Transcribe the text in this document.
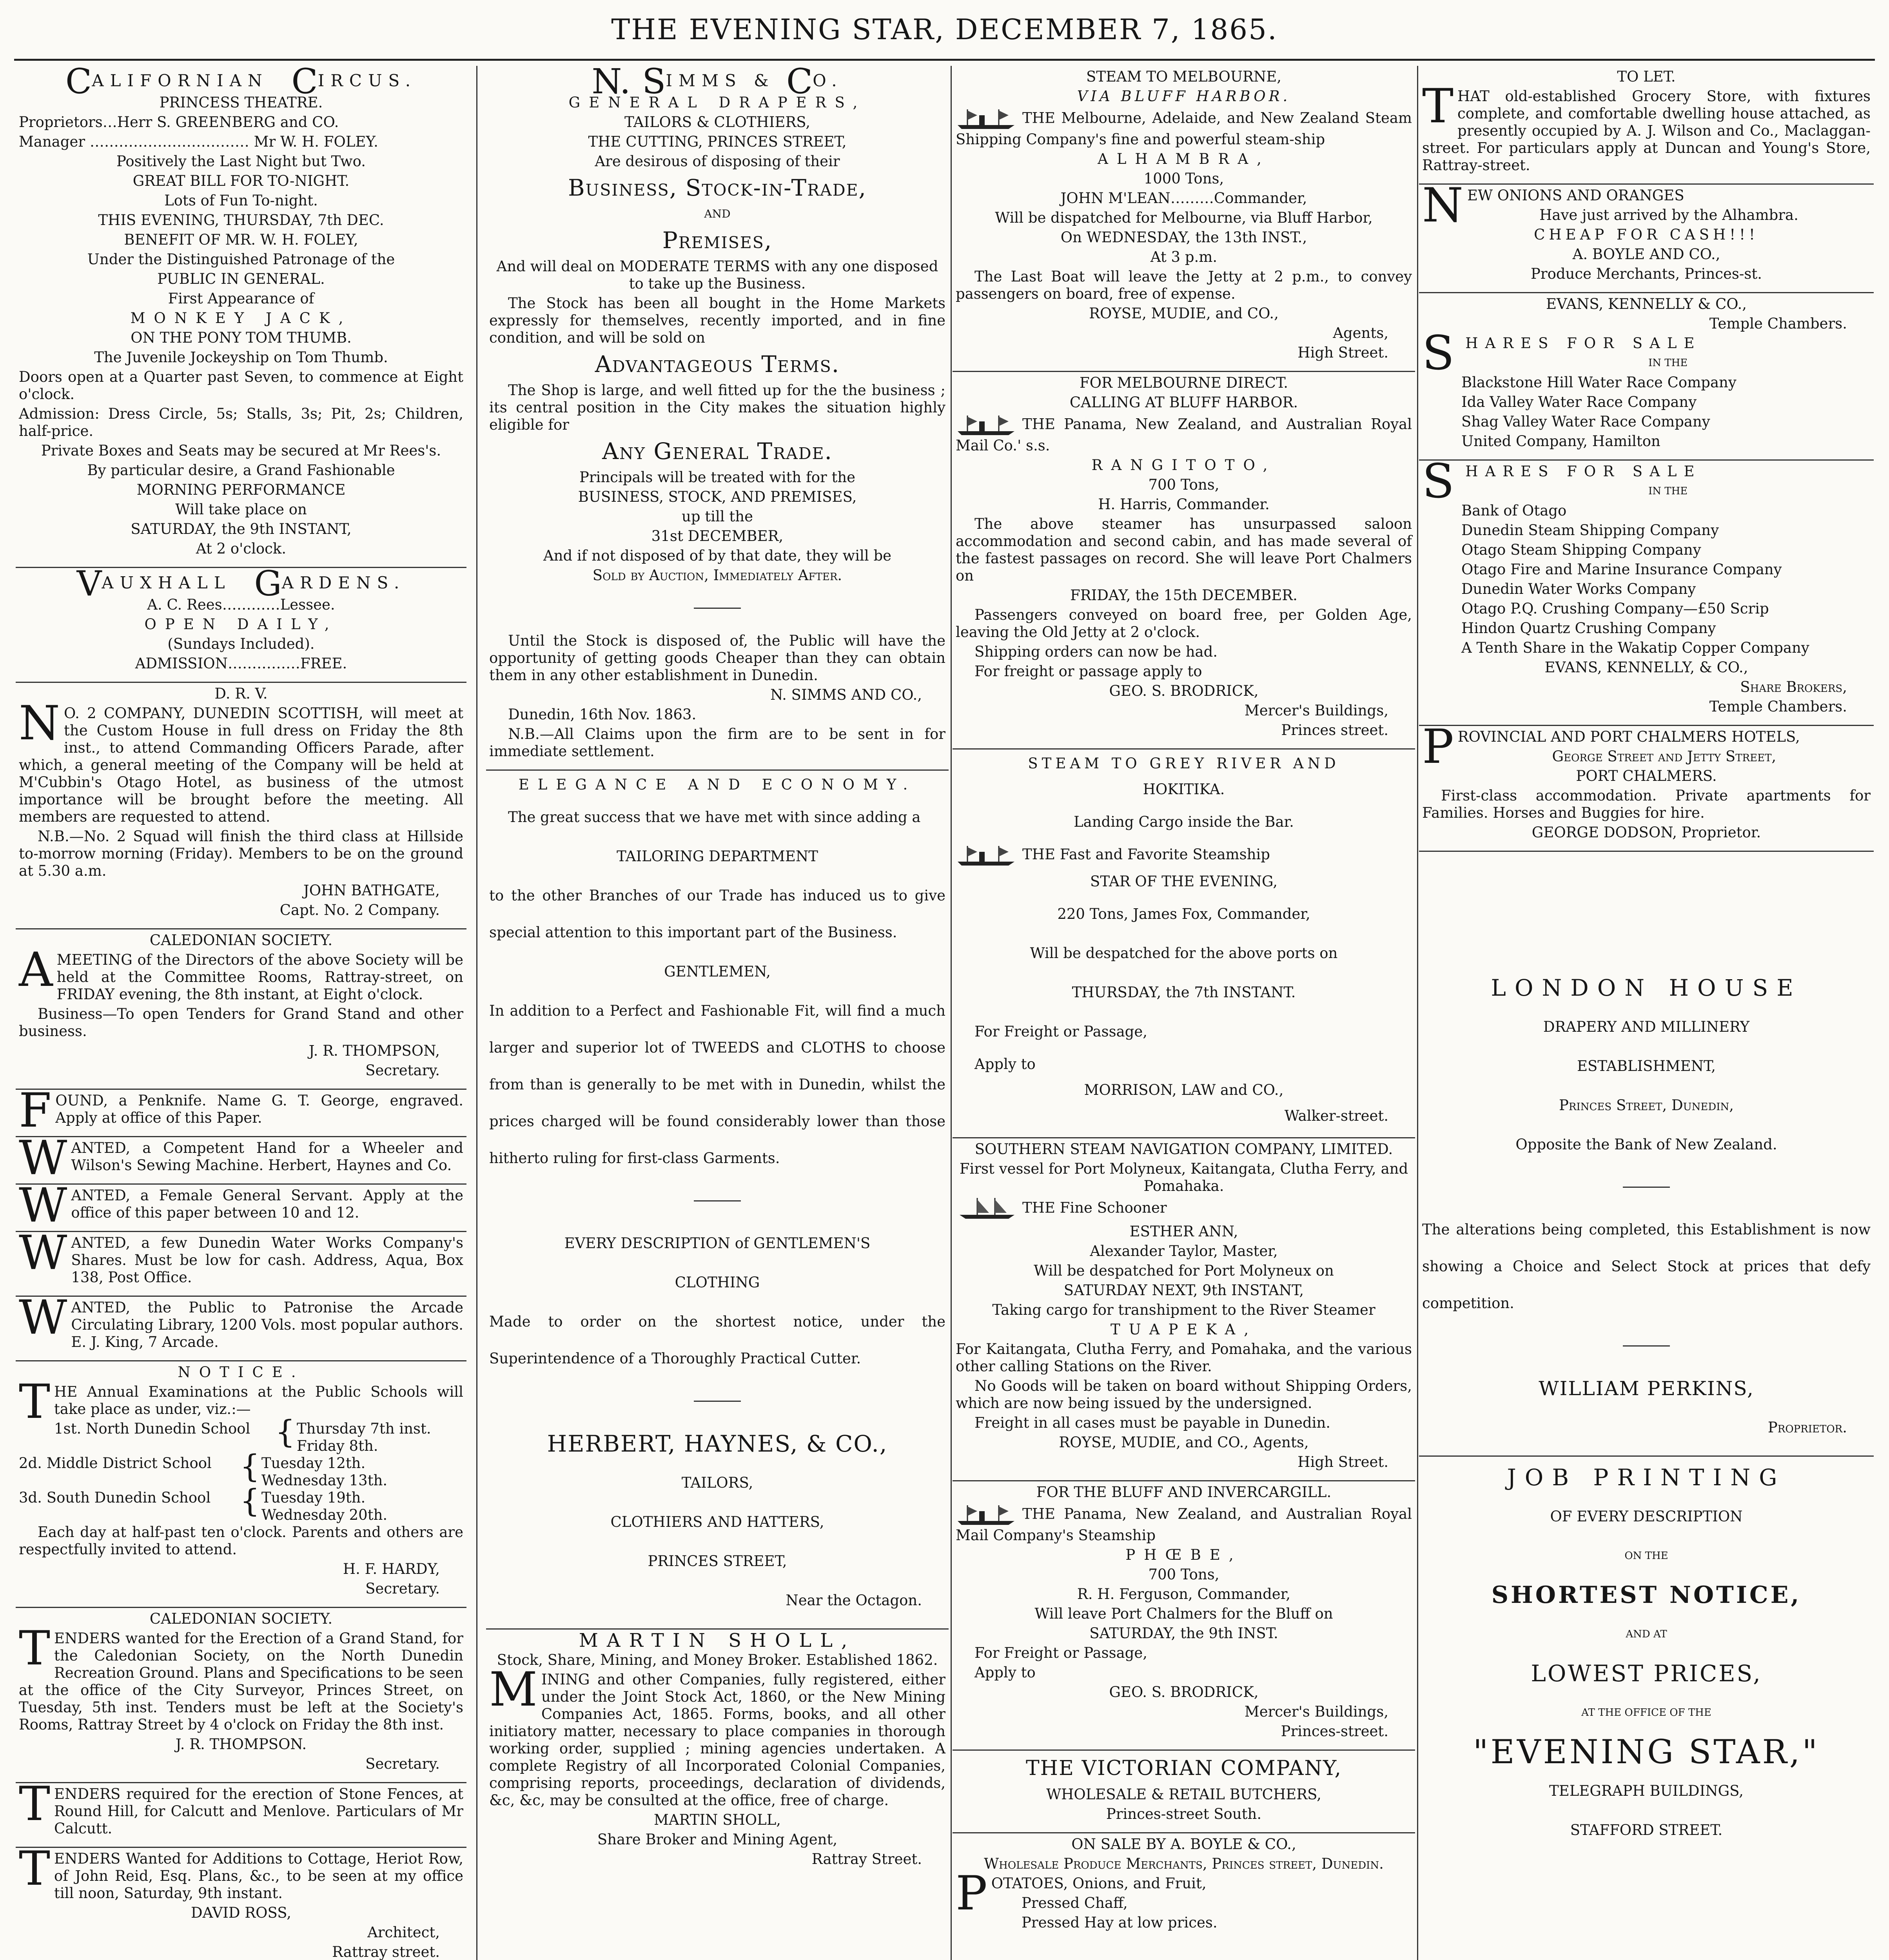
THE EVENING STAR, DECEMBER 7, 1865.
CALIFORNIAN CIRCUS.

PRINCESS THEATRE.

Proprietors…Herr S. GREENBERG and CO.

Manager …………………………… Mr W. H. FOLEY.

Positively the Last Night but Two.

GREAT BILL FOR TO-NIGHT.

Lots of Fun To-night.

THIS EVENING, THURSDAY, 7th DEC.

BENEFIT OF MR. W. H. FOLEY,

Under the Distinguished Patronage of the

PUBLIC IN GENERAL.

First Appearance of

MONKEY JACK,

ON THE PONY TOM THUMB.

The Juvenile Jockeyship on Tom Thumb.

Doors open at a Quarter past Seven, to commence at Eight o'clock.

Admission: Dress Circle, 5s; Stalls, 3s; Pit, 2s; Children, half-price.

Private Boxes and Seats may be secured at Mr Rees's.

By particular desire, a Grand Fashionable

MORNING PERFORMANCE

Will take place on

SATURDAY, the 9th INSTANT,

At 2 o'clock.

VAUXHALL GARDENS.

A. C. Rees…………Lessee.

OPEN DAILY,

(Sundays Included).

ADMISSION……………FREE.

D. R. V.

NO. 2 COMPANY, DUNEDIN SCOTTISH, will meet at the Custom House in full dress on Friday the 8th inst., to attend Commanding Officers Parade, after which, a general meeting of the Company will be held at M'Cubbin's Otago Hotel, as business of the utmost importance will be brought before the meeting. All members are requested to attend.

N.B.—No. 2 Squad will finish the third class at Hillside to-morrow morning (Friday). Members to be on the ground at 5.30 a.m.

JOHN BATHGATE,

Capt. No. 2 Company.

CALEDONIAN SOCIETY.

AMEETING of the Directors of the above Society will be held at the Committee Rooms, Rattray-street, on FRIDAY evening, the 8th instant, at Eight o'clock.

Business—To open Tenders for Grand Stand and other business.

J. R. THOMPSON,

Secretary.

FOUND, a Penknife. Name G. T. George, engraved. Apply at office of this Paper.

WANTED, a Competent Hand for a Wheeler and Wilson's Sewing Machine. Herbert, Haynes and Co.

WANTED, a Female General Servant. Apply at the office of this paper between 10 and 12.

WANTED, a few Dunedin Water Works Company's Shares. Must be low for cash. Address, Aqua, Box 138, Post Office.

WANTED, the Public to Patronise the Arcade Circulating Library, 1200 Vols. most popular authors. E. J. King, 7 Arcade.

NOTICE.

THE Annual Examinations at the Public Schools will take place as under, viz.:—

1st. North Dunedin School { Thursday 7th inst.
Friday 8th.
2d. Middle District School { Tuesday 12th.
Wednesday 13th.
3d. South Dunedin School { Tuesday 19th.
Wednesday 20th.

Each day at half-past ten o'clock. Parents and others are respectfully invited to attend.

H. F. HARDY,

Secretary.

CALEDONIAN SOCIETY.

TENDERS wanted for the Erection of a Grand Stand, for the Caledonian Society, on the North Dunedin Recreation Ground. Plans and Specifications to be seen at the office of the City Surveyor, Princes Street, on Tuesday, 5th inst. Tenders must be left at the Society's Rooms, Rattray Street by 4 o'clock on Friday the 8th inst.

J. R. THOMPSON.

Secretary.

TENDERS required for the erection of Stone Fences, at Round Hill, for Calcutt and Menlove. Particulars of Mr Calcutt.

TENDERS Wanted for Additions to Cottage, Heriot Row, of John Reid, Esq. Plans, &c., to be seen at my office till noon, Saturday, 9th instant.

DAVID ROSS,

Architect,

Rattray street.

N. SIMMS & CO.

GENERAL DRAPERS,

TAILORS & CLOTHIERS,

THE CUTTING, PRINCES STREET,

Are desirous of disposing of their

Business, Stock-in-Trade,

AND

Premises,

And will deal on MODERATE TERMS with any one disposed to take up the Business.

The Stock has been all bought in the Home Markets expressly for themselves, recently imported, and in fine condition, and will be sold on

Advantageous Terms.

The Shop is large, and well fitted up for the the business ; its central position in the City makes the situation highly eligible for

Any General Trade.

Principals will be treated with for the

BUSINESS, STOCK, AND PREMISES,

up till the

31st DECEMBER,

And if not disposed of by that date, they will be

Sold by Auction, Immediately After.

Until the Stock is disposed of, the Public will have the opportunity of getting goods Cheaper than they can obtain them in any other establishment in Dunedin.

N. SIMMS AND CO.,

Dunedin, 16th Nov. 1863.

N.B.—All Claims upon the firm are to be sent in for immediate settlement.

ELEGANCE AND ECONOMY.

The great success that we have met with since adding a

TAILORING DEPARTMENT

to the other Branches of our Trade has induced us to give special attention to this important part of the Business.

GENTLEMEN,

In addition to a Perfect and Fashionable Fit, will find a much larger and superior lot of TWEEDS and CLOTHS to choose from than is generally to be met with in Dunedin, whilst the prices charged will be found considerably lower than those hitherto ruling for first-class Garments.

EVERY DESCRIPTION of GENTLEMEN'S

CLOTHING

Made to order on the shortest notice, under the Superintendence of a Thoroughly Practical Cutter.

HERBERT, HAYNES, & CO.,

TAILORS,

CLOTHIERS AND HATTERS,

PRINCES STREET,

Near the Octagon.

MARTIN SHOLL,

Stock, Share, Mining, and Money Broker. Established 1862.

MINING and other Companies, fully registered, either under the Joint Stock Act, 1860, or the New Mining Companies Act, 1865. Forms, books, and all other initiatory matter, necessary to place companies in thorough working order, supplied ; mining agencies undertaken. A complete Registry of all Incorporated Colonial Companies, comprising reports, proceedings, declaration of dividends, &c, &c, may be consulted at the office, free of charge.

MARTIN SHOLL,

Share Broker and Mining Agent,

Rattray Street.

STEAM TO MELBOURNE,

VIA BLUFF HARBOR.

THE Melbourne, Adelaide, and New Zealand Steam Shipping Company's fine and powerful steam-ship

ALHAMBRA,

1000 Tons,

JOHN M'LEAN………Commander,

Will be dispatched for Melbourne, via Bluff Harbor,

On WEDNESDAY, the 13th INST.,

At 3 p.m.

The Last Boat will leave the Jetty at 2 p.m., to convey passengers on board, free of expense.

ROYSE, MUDIE, and CO.,

Agents,

High Street.

FOR MELBOURNE DIRECT.

CALLING AT BLUFF HARBOR.

THE Panama, New Zealand, and Australian Royal Mail Co.' s.s.

RANGITOTO,

700 Tons,

H. Harris, Commander.

The above steamer has unsurpassed saloon accommodation and second cabin, and has made several of the fastest passages on record. She will leave Port Chalmers on

FRIDAY, the 15th DECEMBER.

Passengers conveyed on board free, per Golden Age, leaving the Old Jetty at 2 o'clock.

Shipping orders can now be had.

For freight or passage apply to

GEO. S. BRODRICK,

Mercer's Buildings,

Princes street.

STEAM TO GREY RIVER AND

HOKITIKA.

Landing Cargo inside the Bar.

THE Fast and Favorite Steamship

STAR OF THE EVENING,

220 Tons, James Fox, Commander,

Will be despatched for the above ports on

THURSDAY, the 7th INSTANT.

For Freight or Passage,

Apply to

MORRISON, LAW and CO.,

Walker-street.

SOUTHERN STEAM NAVIGATION COMPANY, LIMITED.

First vessel for Port Molyneux, Kaitangata, Clutha Ferry, and Pomahaka.

THE Fine Schooner

ESTHER ANN,

Alexander Taylor, Master,

Will be despatched for Port Molyneux on

SATURDAY NEXT, 9th INSTANT,

Taking cargo for transhipment to the River Steamer

TUAPEKA,

For Kaitangata, Clutha Ferry, and Pomahaka, and the various other calling Stations on the River.

No Goods will be taken on board without Shipping Orders, which are now being issued by the undersigned.

Freight in all cases must be payable in Dunedin.

ROYSE, MUDIE, and CO., Agents,

High Street.

FOR THE BLUFF AND INVERCARGILL.

THE Panama, New Zealand, and Australian Royal Mail Company's Steamship

PHŒBE,

700 Tons,

R. H. Ferguson, Commander,

Will leave Port Chalmers for the Bluff on

SATURDAY, the 9th INST.

For Freight or Passage,

Apply to

GEO. S. BRODRICK,

Mercer's Buildings,

Princes-street.

THE VICTORIAN COMPANY,

WHOLESALE & RETAIL BUTCHERS,

Princes-street South.

ON SALE BY A. BOYLE & CO.,

Wholesale Produce Merchants, Princes street, Dunedin.

POTATOES, Onions, and Fruit,

Pressed Chaff,

Pressed Hay at low prices.

TO LET.

THAT old-established Grocery Store, with fixtures complete, and comfortable dwelling house attached, as presently occupied by A. J. Wilson and Co., Maclaggan-street. For particulars apply at Duncan and Young's Store, Rattray-street.

NEW ONIONS AND ORANGES

Have just arrived by the Alhambra.

CHEAP FOR CASH!!!

A. BOYLE AND CO.,

Produce Merchants, Princes-st.

EVANS, KENNELLY & CO.,

Temple Chambers.

SHARES FOR SALE

IN THE

Blackstone Hill Water Race Company

Ida Valley Water Race Company

Shag Valley Water Race Company

United Company, Hamilton

SHARES FOR SALE

IN THE

Bank of Otago

Dunedin Steam Shipping Company

Otago Steam Shipping Company

Otago Fire and Marine Insurance Company

Dunedin Water Works Company

Otago P.Q. Crushing Company—£50 Scrip

Hindon Quartz Crushing Company

A Tenth Share in the Wakatip Copper Company

EVANS, KENNELLY, & CO.,

Share Brokers,

Temple Chambers.

PROVINCIAL AND PORT CHALMERS HOTELS,

George Street and Jetty Street,

PORT CHALMERS.

First-class accommodation. Private apartments for Families. Horses and Buggies for hire.

GEORGE DODSON, Proprietor.

LONDON HOUSE

DRAPERY AND MILLINERY

ESTABLISHMENT,

Princes Street, Dunedin,

Opposite the Bank of New Zealand.

The alterations being completed, this Establishment is now showing a Choice and Select Stock at prices that defy competition.

WILLIAM PERKINS,

Proprietor.

JOB PRINTING

OF EVERY DESCRIPTION

ON THE

SHORTEST NOTICE,

AND AT

LOWEST PRICES,

AT THE OFFICE OF THE

"EVENING STAR,"

TELEGRAPH BUILDINGS,

STAFFORD STREET.
